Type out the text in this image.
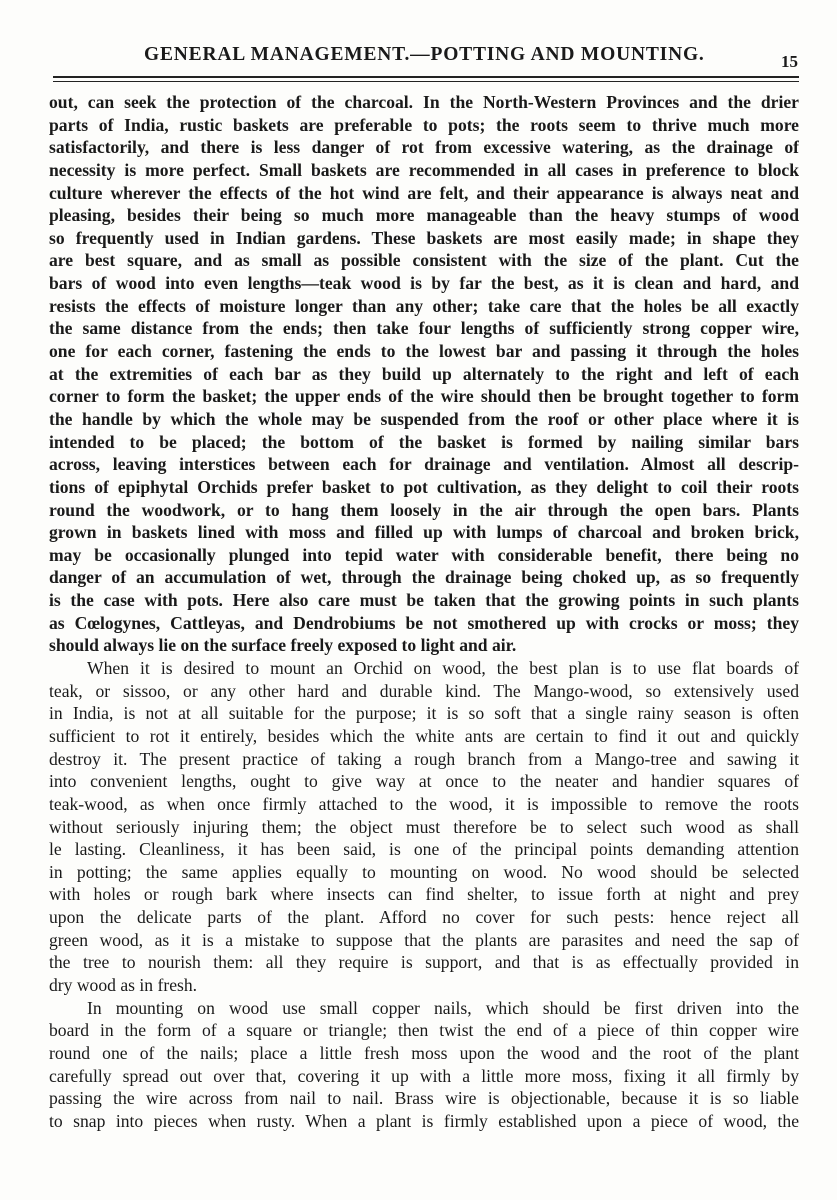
GENERAL MANAGEMENT.—POTTING AND MOUNTING.	15
out, can seek the protection of the charcoal. In the North-Western Provinces and the drier
parts of India, rustic baskets are preferable to pots; the roots seem to thrive much more
satisfactorily, and there is less danger of rot from excessive watering, as the drainage of
necessity is more perfect. Small baskets are recommended in all cases in preference to block
culture wherever the effects of the hot wind are felt, and their appearance is always neat and
pleasing, besides their being so much more manageable than the heavy stumps of wood
so frequently used in Indian gardens. These baskets are most easily made; in shape they
are best square, and as small as possible consistent with the size of the plant. Cut the
bars of wood into even lengths—teak wood is by far the best, as it is clean and hard, and
resists the effects of moisture longer than any other; take care that the holes be all exactly
the same distance from the ends; then take four lengths of sufficiently strong copper wire,
one for each corner, fastening the ends to the lowest bar and passing it through the holes
at the extremities of each bar as they build up alternately to the right and left of each
corner to form the basket; the upper ends of the wire should then be brought together to form
the handle by which the whole may be suspended from the roof or other place where it is
intended to be placed; the bottom of the basket is formed by nailing similar bars
across, leaving interstices between each for drainage and ventilation. Almost all descrip-
tions of epiphytal Orchids prefer basket to pot cultivation, as they delight to coil their roots
round the woodwork, or to hang them loosely in the air through the open bars. Plants
grown in baskets lined with moss and filled up with lumps of charcoal and broken brick,
may be occasionally plunged into tepid water with considerable benefit, there being no
danger of an accumulation of wet, through the drainage being choked up, as so frequently
is the case with pots. Here also care must be taken that the growing points in such plants
as Cœlogynes, Cattleyas, and Dendrobiums be not smothered up with crocks or moss; they
should always lie on the surface freely exposed to light and air.
When it is desired to mount an Orchid on wood, the best plan is to use flat boards of
teak, or sissoo, or any other hard and durable kind. The Mango-wood, so extensively used
in India, is not at all suitable for the purpose; it is so soft that a single rainy season is often
sufficient to rot it entirely, besides which the white ants are certain to find it out and quickly
destroy it. The present practice of taking a rough branch from a Mango-tree and sawing it
into convenient lengths, ought to give way at once to the neater and handier squares of
teak-wood, as when once firmly attached to the wood, it is impossible to remove the roots
without seriously injuring them; the object must therefore be to select such wood as shall
le lasting. Cleanliness, it has been said, is one of the principal points demanding attention
in potting; the same applies equally to mounting on wood. No wood should be selected
with holes or rough bark where insects can find shelter, to issue forth at night and prey
upon the delicate parts of the plant. Afford no cover for such pests: hence reject all
green wood, as it is a mistake to suppose that the plants are parasites and need the sap of
the tree to nourish them: all they require is support, and that is as effectually provided in
dry wood as in fresh.
In mounting on wood use small copper nails, which should be first driven into the
board in the form of a square or triangle; then twist the end of a piece of thin copper wire
round one of the nails; place a little fresh moss upon the wood and the root of the plant
carefully spread out over that, covering it up with a little more moss, fixing it all firmly by
passing the wire across from nail to nail. Brass wire is objectionable, because it is so liable
to snap into pieces when rusty. When a plant is firmly established upon a piece of wood, the
